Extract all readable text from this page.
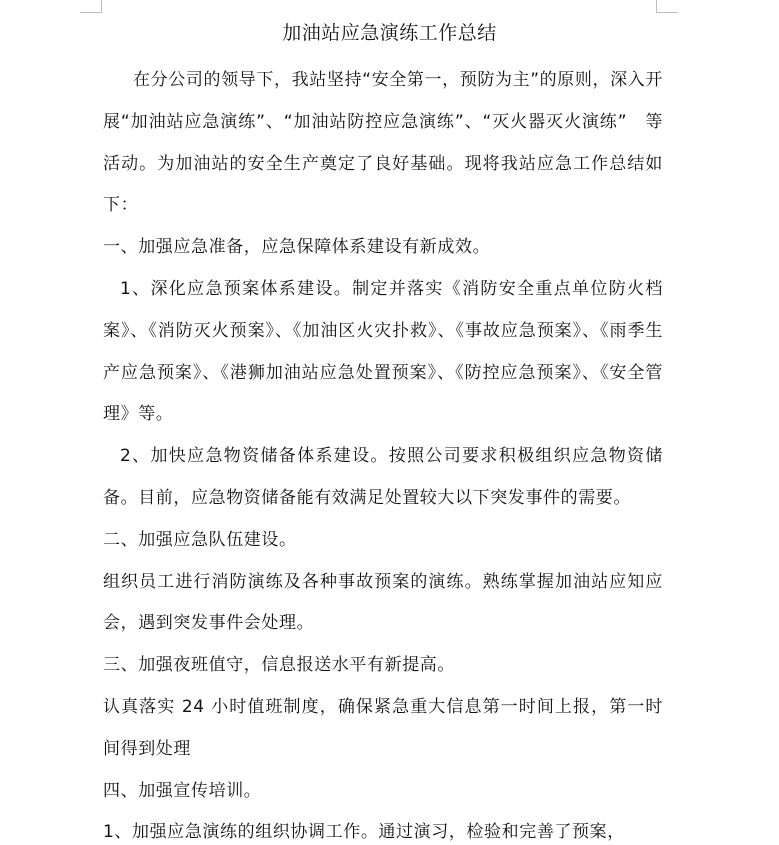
加油站应急演练工作总结

在分公司的领导下，我站坚持“安全第一，预防为主”的原则，深入开展“加油站应急演练”、“加油站防控应急演练”、“灭火器灭火演练”　等活动。为加油站的安全生产奠定了良好基础。现将我站应急工作总结如下：

一、加强应急准备，应急保障体系建设有新成效。

1、深化应急预案体系建设。制定并落实《消防安全重点单位防火档案》、《消防灭火预案》、《加油区火灾扑救》、《事故应急预案》、《雨季生产应急预案》、《港狮加油站应急处置预案》、《防控应急预案》、《安全管理》等。

2、加快应急物资储备体系建设。按照公司要求积极组织应急物资储备。目前，应急物资储备能有效满足处置较大以下突发事件的需要。

二、加强应急队伍建设。

组织员工进行消防演练及各种事故预案的演练。熟练掌握加油站应知应会，遇到突发事件会处理。

三、加强夜班值守，信息报送水平有新提高。

认真落实 24 小时值班制度，确保紧急重大信息第一时间上报，第一时间得到处理

四、加强宣传培训。

1、加强应急演练的组织协调工作。通过演习，检验和完善了预案，
